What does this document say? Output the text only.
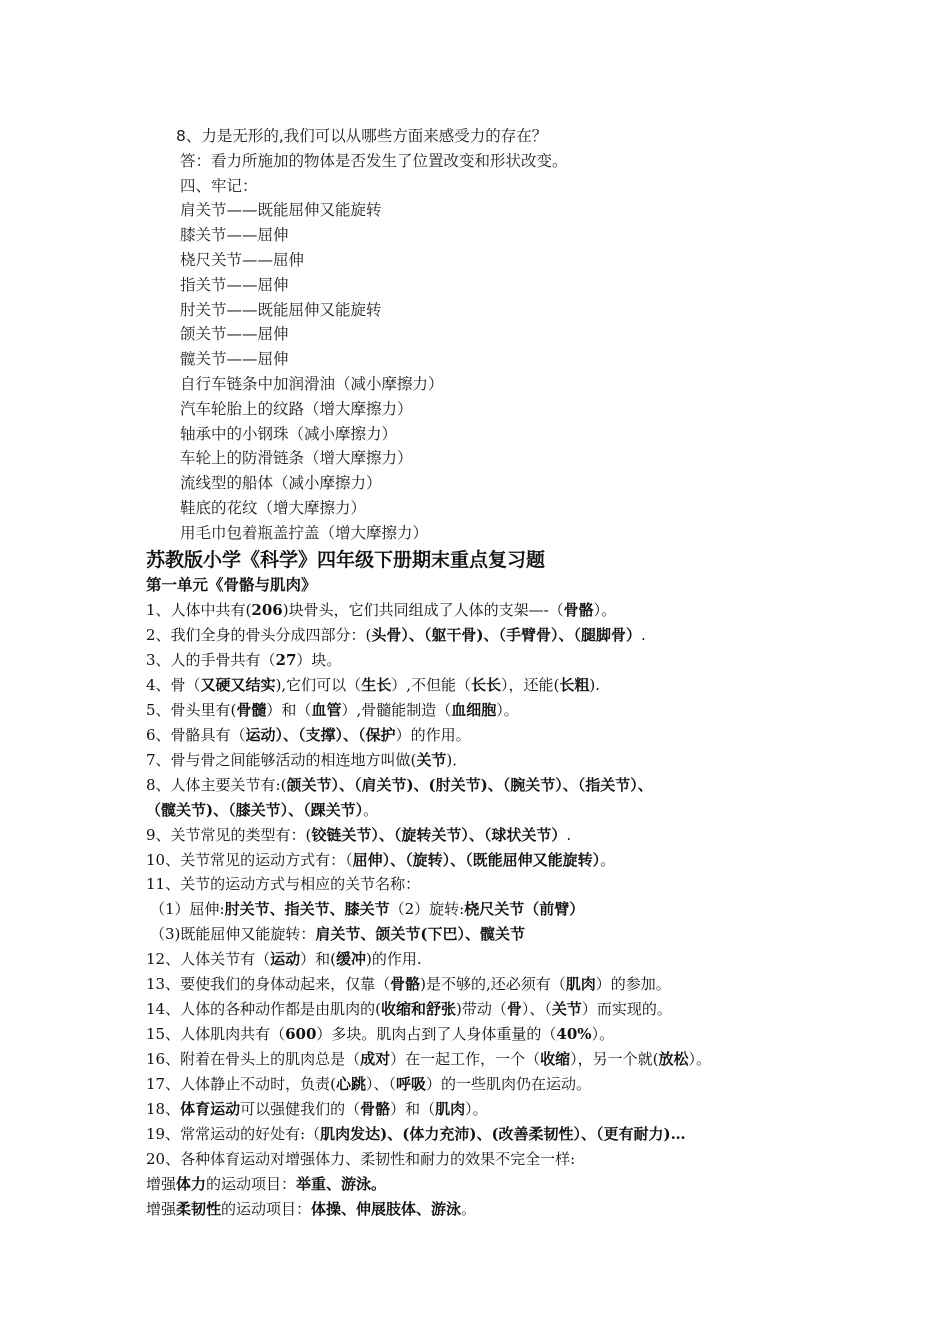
8、力是无形的,我们可以从哪些方面来感受力的存在？
答：看力所施加的物体是否发生了位置改变和形状改变。
四、牢记：
肩关节——既能屈伸又能旋转
膝关节——屈伸
桡尺关节——屈伸
指关节——屈伸
肘关节——既能屈伸又能旋转
颌关节——屈伸
髋关节——屈伸
自行车链条中加润滑油（减小摩擦力）
汽车轮胎上的纹路（增大摩擦力）
轴承中的小钢珠（减小摩擦力）
车轮上的防滑链条（增大摩擦力）
流线型的船体（减小摩擦力）
鞋底的花纹（增大摩擦力）
用毛巾包着瓶盖拧盖（增大摩擦力）
苏教版小学《科学》四年级下册期末重点复习题
第一单元《骨骼与肌肉》
1、人体中共有(206)块骨头，它们共同组成了人体的支架—-（骨骼）。
2、我们全身的骨头分成四部分：(头骨）、（躯干骨)、（手臂骨）、（腿脚骨）.
3、人的手骨共有（27）块。
4、骨（又硬又结实),它们可以（生长）,不但能（长长），还能(长粗).
5、骨头里有(骨髓）和（血管）,骨髓能制造（血细胞）。
6、骨骼具有（运动）、（支撑）、（保护）的作用。
7、骨与骨之间能够活动的相连地方叫做(关节)．
8、人体主要关节有:(颌关节）、（肩关节)、(肘关节)、（腕关节）、（指关节）、
（髋关节)、（膝关节）、（踝关节）。
9、关节常见的类型有：(铰链关节）、（旋转关节）、（球状关节）.
10、关节常见的运动方式有：（屈伸）、（旋转）、（既能屈伸又能旋转）。
11、关节的运动方式与相应的关节名称：
（1）屈伸:肘关节、指关节、膝关节（2）旋转:桡尺关节（前臂）
（3)既能屈伸又能旋转：肩关节、颌关节(下巴）、髋关节
12、人体关节有（运动）和(缓冲)的作用.
13、要使我们的身体动起来，仅靠（骨骼)是不够的,还必须有（肌肉）的参加。
14、人体的各种动作都是由肌肉的(收缩和舒张)带动（骨）、（关节）而实现的。
15、人体肌肉共有（600）多块。肌肉占到了人身体重量的（40%）。
16、附着在骨头上的肌肉总是（成对）在一起工作，一个（收缩），另一个就(放松）。
17、人体静止不动时，负责(心跳）、（呼吸）的一些肌肉仍在运动。
18、体育运动可以强健我们的（骨骼）和（肌肉）。
19、常常运动的好处有:（肌肉发达)、(体力充沛)、(改善柔韧性）、（更有耐力)…
20、各种体育运动对增强体力、柔韧性和耐力的效果不完全一样:
增强体力的运动项目：举重、游泳。
增强柔韧性的运动项目：体操、伸展肢体、游泳。
